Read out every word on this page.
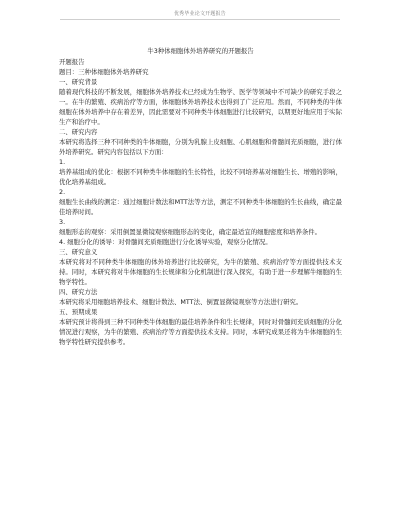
优秀毕业论文开题报告
牛3种体细胞体外培养研究的开题报告
开题报告
题目：三种体细胞体外培养研究
一、研究背景
随着现代科技的不断发展，细胞体外培养技术已经成为生物学、医学等领域中不可缺少的研究手段之一。在牛的繁殖、疾病治疗等方面，体细胞体外培养技术也得到了广泛应用。然而，不同种类的牛体细胞在体外培养中存在着差异，因此需要对不同种类牛体细胞进行比较研究，以期更好地应用于实际生产和治疗中。
二、研究内容
本研究将选择三种不同种类的牛体细胞，分别为乳腺上皮细胞、心肌细胞和骨髓间充质细胞，进行体外培养研究。研究内容包括以下方面：
1.
培养基组成的优化：根据不同种类牛体细胞的生长特性，比较不同培养基对细胞生长、增殖的影响，优化培养基组成。
2.
细胞生长曲线的测定：通过细胞计数法和MTT法等方法，测定不同种类牛体细胞的生长曲线，确定最佳培养时间。
3.
细胞形态的观察：采用倒置显微镜观察细胞形态的变化，确定最适宜的细胞密度和培养条件。
4. 细胞分化的诱导：对骨髓间充质细胞进行分化诱导实验，观察分化情况。
三、研究意义
本研究将对不同种类牛体细胞的体外培养进行比较研究，为牛的繁殖、疾病治疗等方面提供技术支持。同时，本研究将对牛体细胞的生长规律和分化机制进行深入探究，有助于进一步理解牛细胞的生物学特性。
四、研究方法
本研究将采用细胞培养技术、细胞计数法、MTT法、倒置显微镜观察等方法进行研究。
五、预期成果
本研究预计将得到三种不同种类牛体细胞的最佳培养条件和生长规律，同时对骨髓间充质细胞的分化情况进行观察，为牛的繁殖、疾病治疗等方面提供技术支持。同时，本研究成果还将为牛体细胞的生物学特性研究提供参考。
